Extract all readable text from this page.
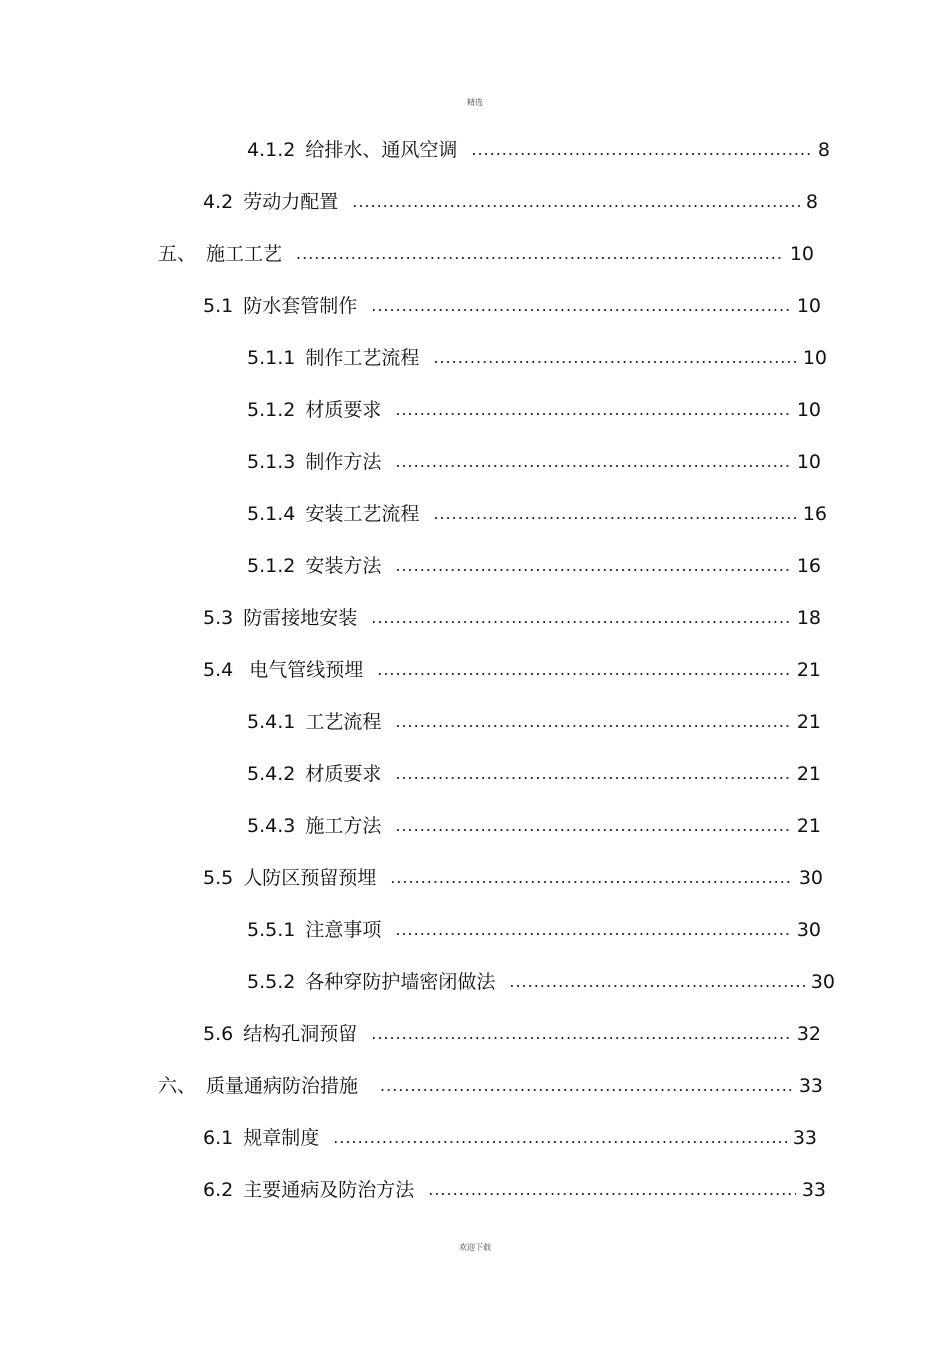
精选
4.1.2 给排水、通风空调 .....	8
4.2 劳动力配置 .....	8
五、 施工工艺 .....	10
5.1 防水套管制作 .....	10
5.1.1 制作工艺流程 .....	10
5.1.2 材质要求 .....	10
5.1.3 制作方法 .....	10
5.1.4 安装工艺流程 .....	16
5.1.2 安装方法 .....	16
5.3 防雷接地安装 .....	18
5.4 电气管线预埋 .....	21
5.4.1 工艺流程 .....	21
5.4.2 材质要求 .....	21
5.4.3 施工方法 .....	21
5.5 人防区预留预埋 .....	30
5.5.1 注意事项 .....	30
5.5.2 各种穿防护墙密闭做法 .....	30
5.6 结构孔洞预留 .....	32
六、 质量通病防治措施 .....	33
6.1 规章制度 .....	33
6.2 主要通病及防治方法 .....	33
欢迎下载
